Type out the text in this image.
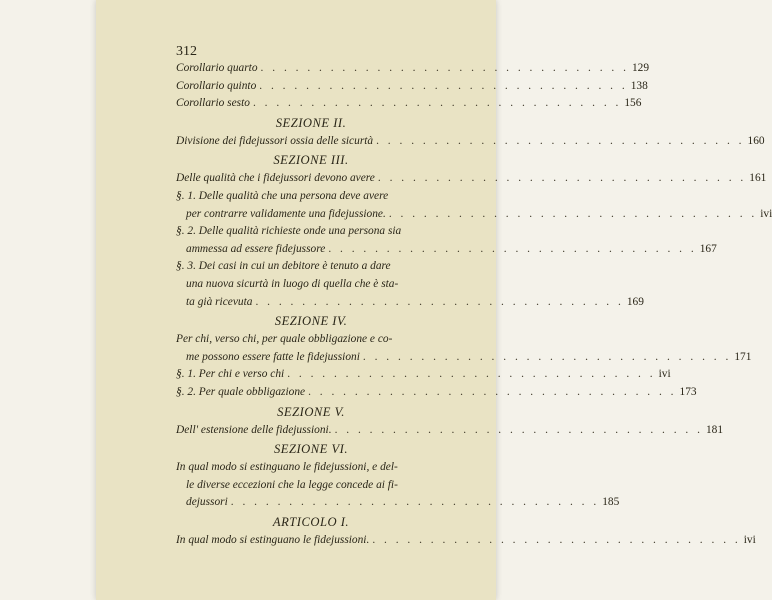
312
Corollario quarto . . . . . . . . . . . . . . . . . . . . . . . . . . . . . . . . 129
Corollario quinto . . . . . . . . . . . . . . . . . . . . . . . . . . . . . . . . 138
Corollario sesto . . . . . . . . . . . . . . . . . . . . . . . . . . . . . . . . 156
SEZIONE II.
Divisione dei fidejussori ossia delle sicurtà . . . . . . . . . . . . . . . . . . . . . . . . . . . . . . . . 160
SEZIONE III.
Delle qualità che i fidejussori devono avere . . . . . . . . . . . . . . . . . . . . . . . . . . . . . . . . 161
§. 1. Delle qualità che una persona deve avere
per contrarre validamente una fidejussione. . . . . . . . . . . . . . . . . . . . . . . . . . . . . . . . . ivi
§. 2. Delle qualità richieste onde una persona sia
ammessa ad essere fidejussore . . . . . . . . . . . . . . . . . . . . . . . . . . . . . . . . 167
§. 3. Dei casi in cui un debitore è tenuto a dare
una nuova sicurtà in luogo di quella che è sta-
ta già ricevuta . . . . . . . . . . . . . . . . . . . . . . . . . . . . . . . . 169
SEZIONE IV.
Per chi, verso chi, per quale obbligazione e co-
me possono essere fatte le fidejussioni . . . . . . . . . . . . . . . . . . . . . . . . . . . . . . . . 171
§. 1. Per chi e verso chi . . . . . . . . . . . . . . . . . . . . . . . . . . . . . . . . ivi
§. 2. Per quale obbligazione . . . . . . . . . . . . . . . . . . . . . . . . . . . . . . . . 173
SEZIONE V.
Dell' estensione delle fidejussioni. . . . . . . . . . . . . . . . . . . . . . . . . . . . . . . . . 181
SEZIONE VI.
In qual modo si estinguano le fidejussioni, e del-
le diverse eccezioni che la legge concede ai fi-
dejussori . . . . . . . . . . . . . . . . . . . . . . . . . . . . . . . . 185
ARTICOLO I.
In qual modo si estinguano le fidejussioni. . . . . . . . . . . . . . . . . . . . . . . . . . . . . . . . . ivi
